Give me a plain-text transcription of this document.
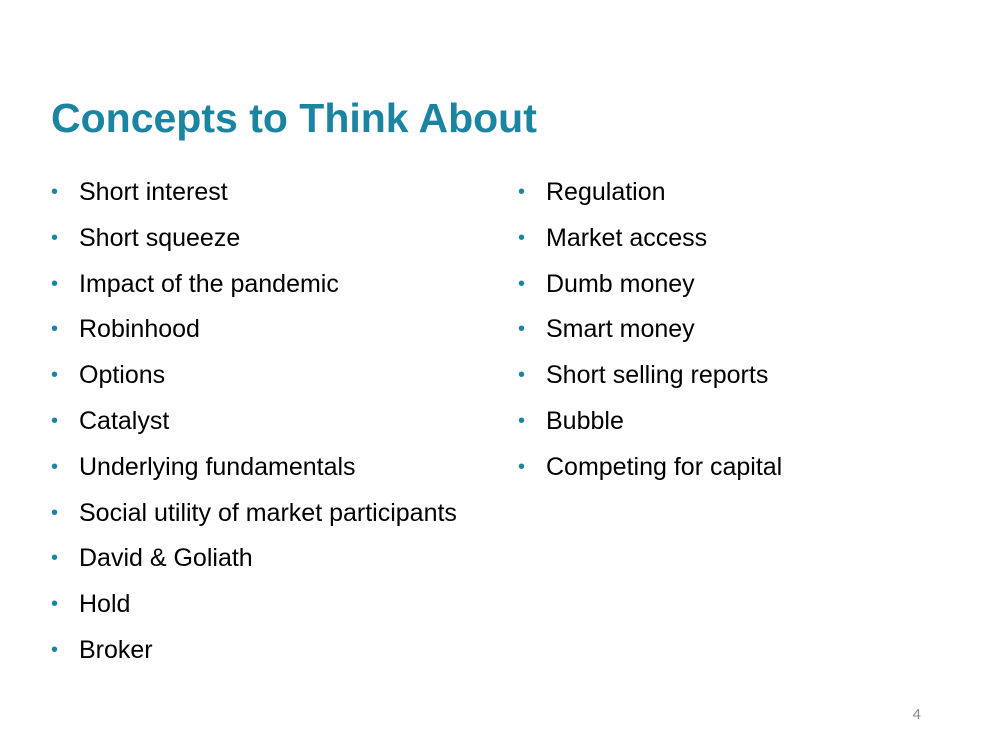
Concepts to Think About
• Short interest
• Short squeeze
• Impact of the pandemic
• Robinhood
• Options
• Catalyst
• Underlying fundamentals
• Social utility of market participants
• David & Goliath
• Hold
• Broker
• Regulation
• Market access
• Dumb money
• Smart money
• Short selling reports
• Bubble
• Competing for capital
4
